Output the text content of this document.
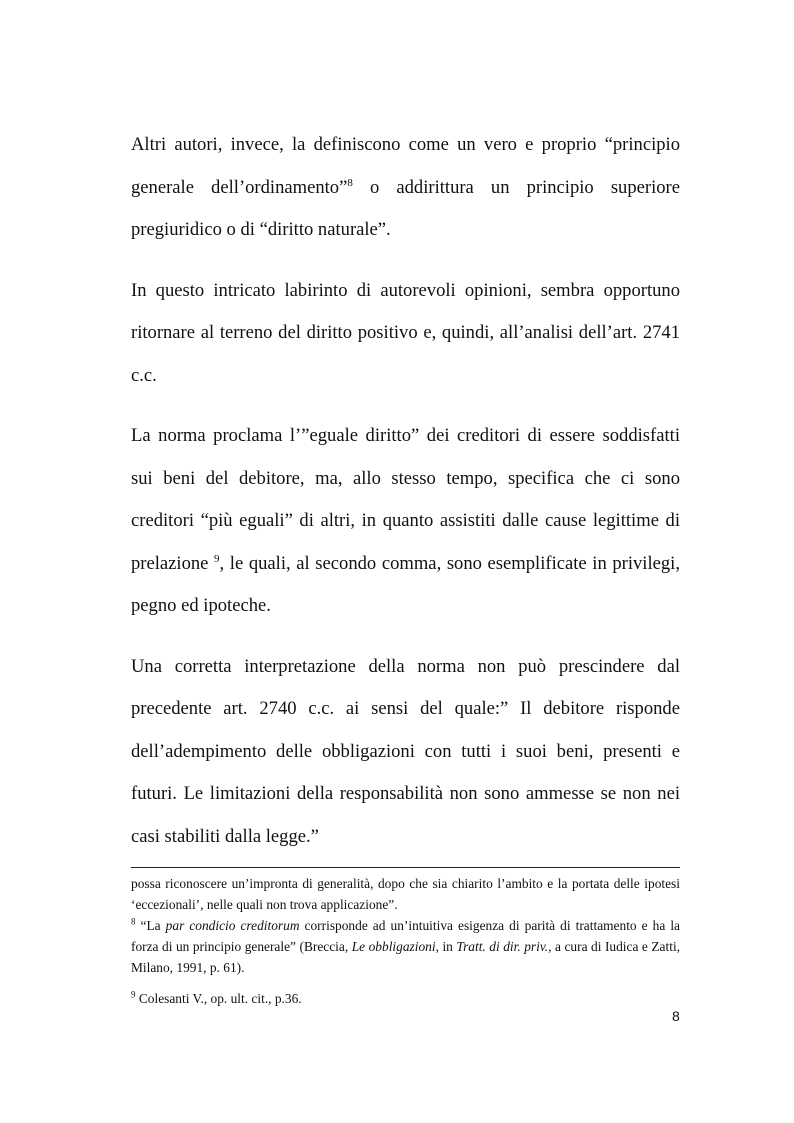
Altri autori, invece, la definiscono come un vero e proprio “principio generale dell’ordinamento”$^8$ o addirittura un principio superiore pregiuridico o di “diritto naturale”.

In questo intricato labirinto di autorevoli opinioni, sembra opportuno ritornare al terreno del diritto positivo e, quindi, all’analisi dell’art. 2741 c.c.

La norma proclama l’”eguale diritto” dei creditori di essere soddisfatti sui beni del debitore, ma, allo stesso tempo, specifica che ci sono creditori “più eguali” di altri, in quanto assistiti dalle cause legittime di prelazione $^9$, le quali, al secondo comma, sono esemplificate in privilegi, pegno ed ipoteche.

Una corretta interpretazione della norma non può prescindere dal precedente art. 2740 c.c. ai sensi del quale:” Il debitore risponde dell’adempimento delle obbligazioni con tutti i suoi beni, presenti e futuri. Le limitazioni della responsabilità non sono ammesse se non nei casi stabiliti dalla legge.”

possa riconoscere un’impronta di generalità, dopo che sia chiarito l’ambito e la portata delle ipotesi ‘eccezionali’, nelle quali non trova applicazione”.

$^8$ “La par condicio creditorum corrisponde ad un’intuitiva esigenza di parità di trattamento e ha la forza di un principio generale” (Breccia, Le obbligazioni, in Tratt. di dir. priv., a cura di Iudica e Zatti, Milano, 1991, p. 61).

$^9$ Colesanti V., op. ult. cit., p.36.

8
